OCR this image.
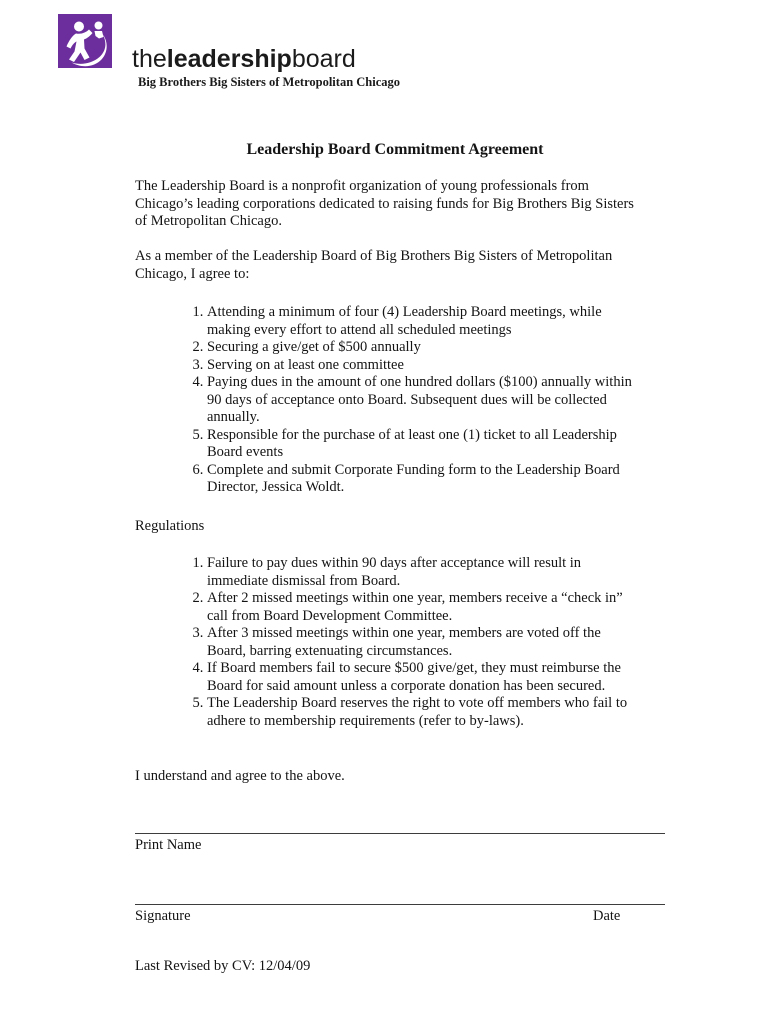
theleadershipboard
Big Brothers Big Sisters of Metropolitan Chicago
Leadership Board Commitment Agreement

The Leadership Board is a nonprofit organization of young professionals from Chicago’s leading corporations dedicated to raising funds for Big Brothers Big Sisters of Metropolitan Chicago.

As a member of the Leadership Board of Big Brothers Big Sisters of Metropolitan Chicago, I agree to:

1. Attending a minimum of four (4) Leadership Board meetings, while making every effort to attend all scheduled meetings
2. Securing a give/get of $500 annually
3. Serving on at least one committee
4. Paying dues in the amount of one hundred dollars ($100) annually within 90 days of acceptance onto Board. Subsequent dues will be collected annually.
5. Responsible for the purchase of at least one (1) ticket to all Leadership Board events
6. Complete and submit Corporate Funding form to the Leadership Board Director, Jessica Woldt.

Regulations

1. Failure to pay dues within 90 days after acceptance will result in immediate dismissal from Board.
2. After 2 missed meetings within one year, members receive a “check in” call from Board Development Committee.
3. After 3 missed meetings within one year, members are voted off the Board, barring extenuating circumstances.
4. If Board members fail to secure $500 give/get, they must reimburse the Board for said amount unless a corporate donation has been secured.
5. The Leadership Board reserves the right to vote off members who fail to adhere to membership requirements (refer to by-laws).

I understand and agree to the above.

Print Name
Signature	Date

Last Revised by CV: 12/04/09
